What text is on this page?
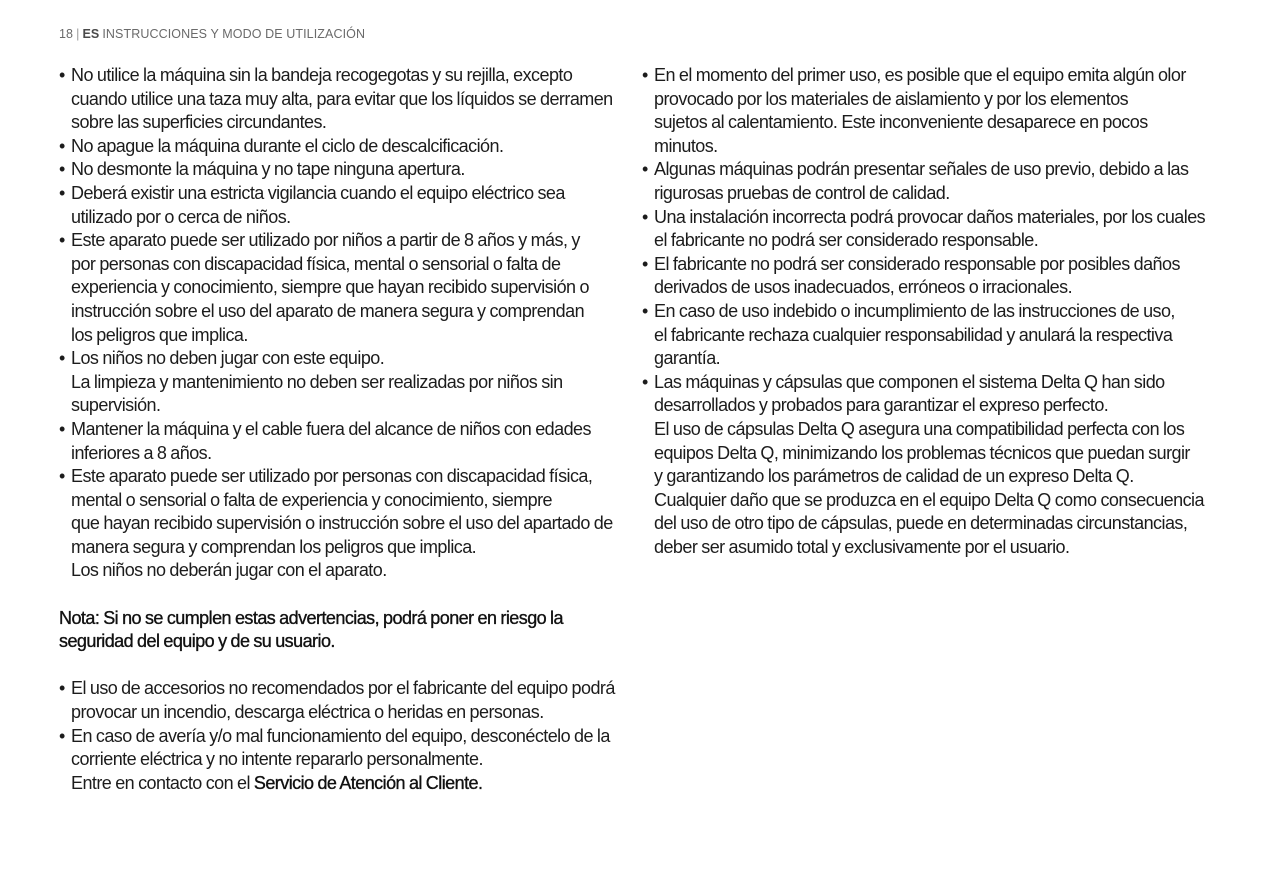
18 | ES INSTRUCCIONES Y MODO DE UTILIZACIÓN
• No utilice la máquina sin la bandeja recogegotas y su rejilla, excepto
cuando utilice una taza muy alta, para evitar que los líquidos se derramen
sobre las superficies circundantes.
• No apague la máquina durante el ciclo de descalcificación.
• No desmonte la máquina y no tape ninguna apertura.
• Deberá existir una estricta vigilancia cuando el equipo eléctrico sea
utilizado por o cerca de niños.
• Este aparato puede ser utilizado por niños a partir de 8 años y más, y
por personas con discapacidad física, mental o sensorial o falta de
experiencia y conocimiento, siempre que hayan recibido supervisión o
instrucción sobre el uso del aparato de manera segura y comprendan
los peligros que implica.
• Los niños no deben jugar con este equipo.
La limpieza y mantenimiento no deben ser realizadas por niños sin
supervisión.
• Mantener la máquina y el cable fuera del alcance de niños con edades
inferiores a 8 años.
• Este aparato puede ser utilizado por personas con discapacidad física,
mental o sensorial o falta de experiencia y conocimiento, siempre
que hayan recibido supervisión o instrucción sobre el uso del apartado de
manera segura y comprendan los peligros que implica.
Los niños no deberán jugar con el aparato.
Nota: Si no se cumplen estas advertencias, podrá poner en riesgo la
seguridad del equipo y de su usuario.
• El uso de accesorios no recomendados por el fabricante del equipo podrá
provocar un incendio, descarga eléctrica o heridas en personas.
• En caso de avería y/o mal funcionamiento del equipo, desconéctelo de la
corriente eléctrica y no intente repararlo personalmente.
Entre en contacto con el Servicio de Atención al Cliente.
• En el momento del primer uso, es posible que el equipo emita algún olor
provocado por los materiales de aislamiento y por los elementos
sujetos al calentamiento. Este inconveniente desaparece en pocos
minutos.
• Algunas máquinas podrán presentar señales de uso previo, debido a las
rigurosas pruebas de control de calidad.
• Una instalación incorrecta podrá provocar daños materiales, por los cuales
el fabricante no podrá ser considerado responsable.
• El fabricante no podrá ser considerado responsable por posibles daños
derivados de usos inadecuados, erróneos o irracionales.
• En caso de uso indebido o incumplimiento de las instrucciones de uso,
el fabricante rechaza cualquier responsabilidad y anulará la respectiva
garantía.
• Las máquinas y cápsulas que componen el sistema Delta Q han sido
desarrollados y probados para garantizar el expreso perfecto.
El uso de cápsulas Delta Q asegura una compatibilidad perfecta con los
equipos Delta Q, minimizando los problemas técnicos que puedan surgir
y garantizando los parámetros de calidad de un expreso Delta Q.
Cualquier daño que se produzca en el equipo Delta Q como consecuencia
del uso de otro tipo de cápsulas, puede en determinadas circunstancias,
deber ser asumido total y exclusivamente por el usuario.
